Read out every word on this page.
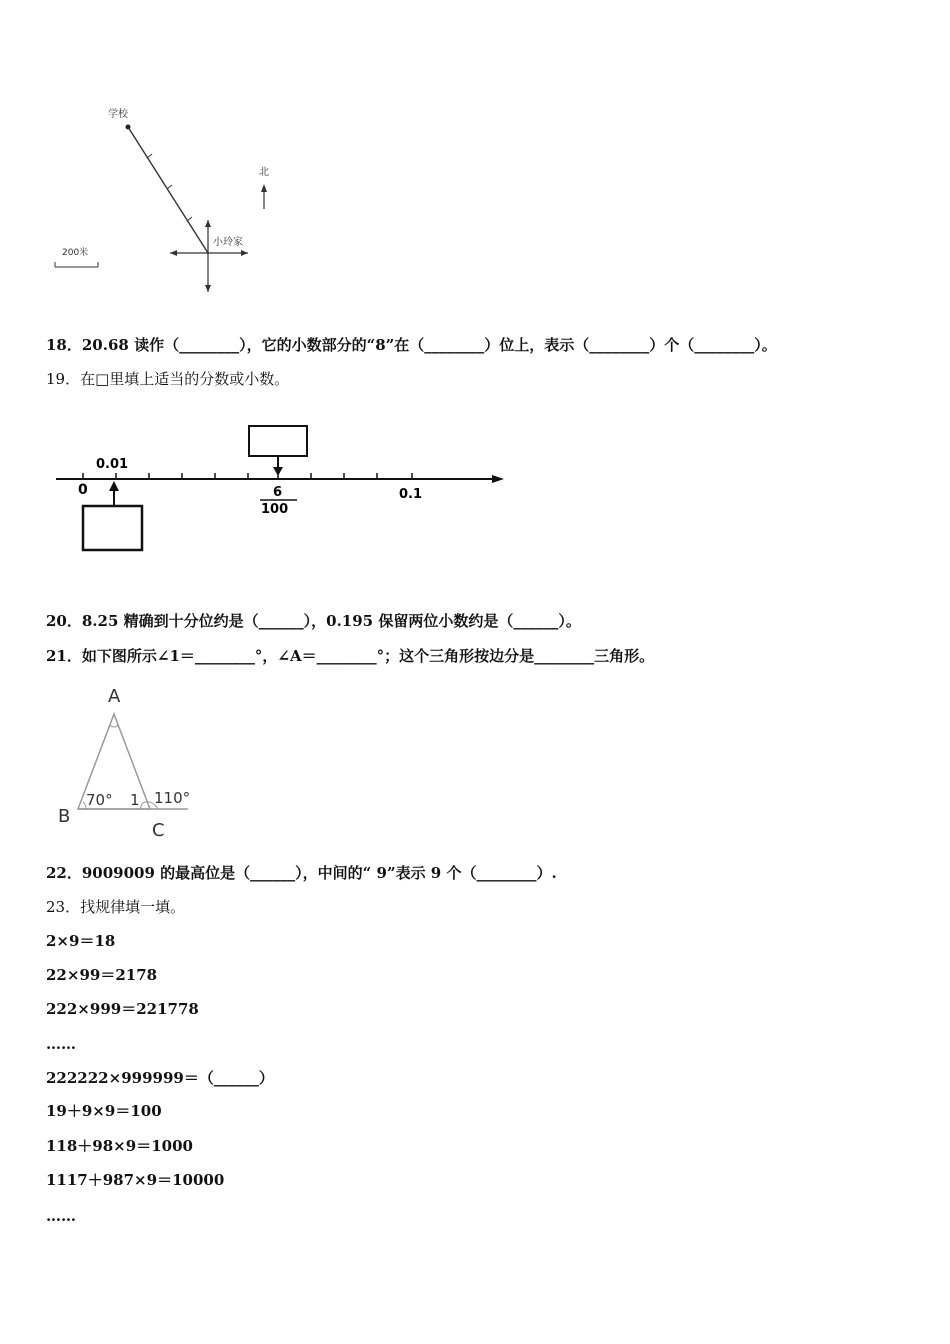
学校
小玲家
北
200米
18．20.68 读作（________），它的小数部分的“8”在（________）位上，表示（________）个（________）。
19．在□里填上适当的分数或小数。
0
0.01
6
100
0.1
20．8.25 精确到十分位约是（______），0.195 保留两位小数约是（______）。
21．如下图所示∠1＝________°，∠A＝________°；这个三角形按边分是________三角形。
A
B
C
70° 1 110°
22．9009009 的最高位是（______），中间的“ 9”表示 9 个（________）.
23．找规律填一填。
2×9＝18
22×99＝2178
222×999＝221778
……
222222×999999＝（______）
19＋9×9＝100
118＋98×9＝1000
1117＋987×9＝10000
……
